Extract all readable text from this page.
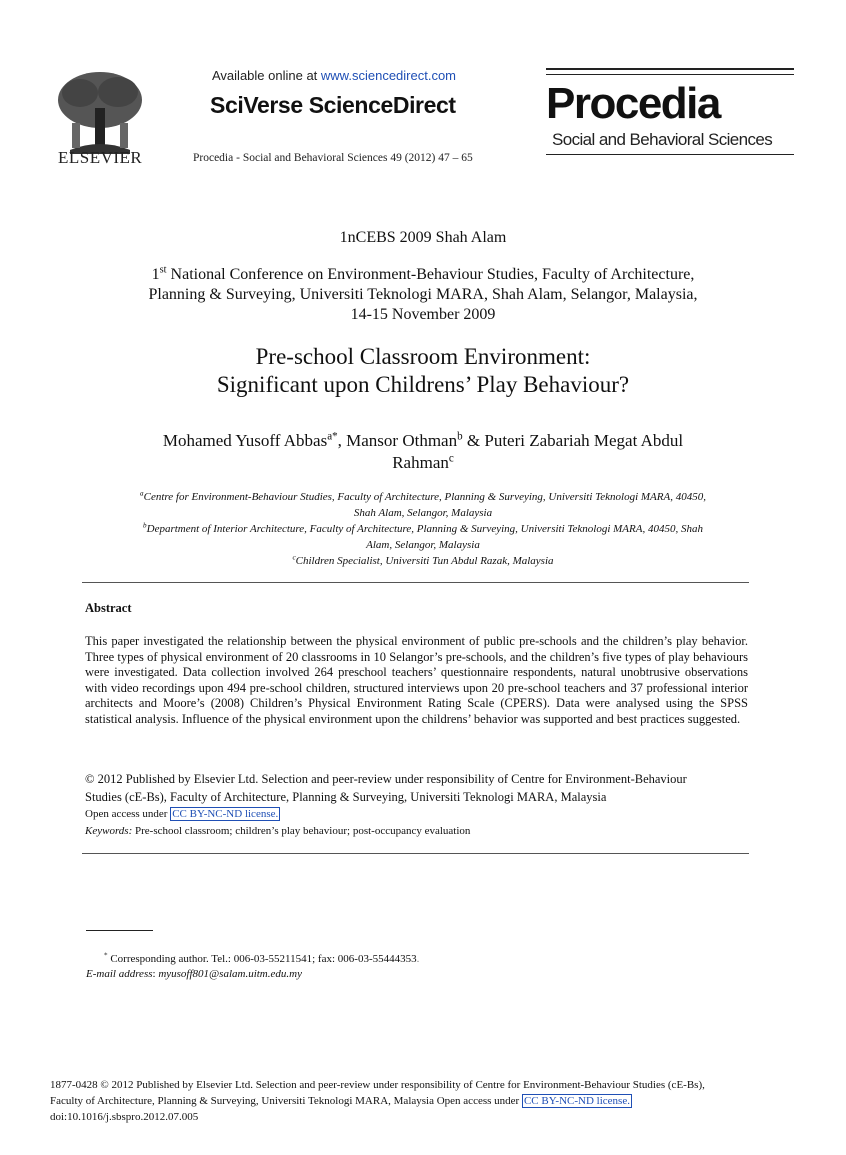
ELSEVIER
Available online at www.sciencedirect.com
SciVerse ScienceDirect
Procedia - Social and Behavioral Sciences 49 (2012) 47 – 65
Procedia
Social and Behavioral Sciences
1nCEBS 2009 Shah Alam
1st National Conference on Environment-Behaviour Studies, Faculty of Architecture,
Planning & Surveying, Universiti Teknologi MARA, Shah Alam, Selangor, Malaysia,
14-15 November 2009
Pre-school Classroom Environment:
Significant upon Childrens’ Play Behaviour?
Mohamed Yusoff Abbas$^{a*}$, Mansor Othman$^b$ & Puteri Zabariah Megat Abdul
Rahman$^c$
$^a$Centre for Environment-Behaviour Studies, Faculty of Architecture, Planning & Surveying, Universiti Teknologi MARA, 40450,
Shah Alam, Selangor, Malaysia
$^b$Department of Interior Architecture, Faculty of Architecture, Planning & Surveying, Universiti Teknologi MARA, 40450, Shah
Alam, Selangor, Malaysia
$^c$Children Specialist, Universiti Tun Abdul Razak, Malaysia
Abstract
This paper investigated the relationship between the physical environment of public pre-schools and the children’s play behavior. Three types of physical environment of 20 classrooms in 10 Selangor’s pre-schools, and the children’s five types of play behaviours were investigated. Data collection involved 264 preschool teachers’ questionnaire respondents, natural unobtrusive observations with video recordings upon 494 pre-school children, structured interviews upon 20 pre-school teachers and 37 professional interior architects and Moore’s (2008) Children’s Physical Environment Rating Scale (CPERS). Data were analysed using the SPSS statistical analysis. Influence of the physical environment upon the childrens’ behavior was supported and best practices suggested.
© 2012 Published by Elsevier Ltd. Selection and peer-review under responsibility of Centre for Environment-Behaviour
Studies (cE-Bs), Faculty of Architecture, Planning & Surveying, Universiti Teknologi MARA, Malaysia
Open access under CC BY-NC-ND license.
Keywords: Pre-school classroom; children’s play behaviour; post-occupancy evaluation
* Corresponding author. Tel.: 006-03-55211541; fax: 006-03-55444353.
E-mail address: myusoff801@salam.uitm.edu.my
1877-0428 © 2012 Published by Elsevier Ltd. Selection and peer-review under responsibility of Centre for Environment-Behaviour Studies (cE-Bs),
Faculty of Architecture, Planning & Surveying, Universiti Teknologi MARA, Malaysia Open access under CC BY-NC-ND license.
doi:10.1016/j.sbspro.2012.07.005
